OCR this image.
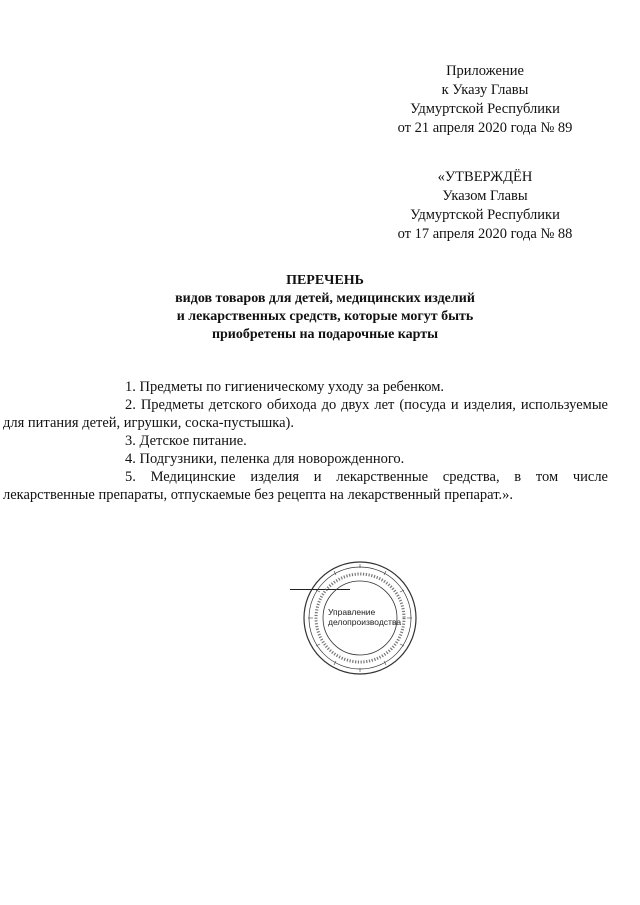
Приложение
к Указу Главы
Удмуртской Республики
от 21 апреля 2020 года № 89
«УТВЕРЖДЁН
Указом Главы
Удмуртской Республики
от 17 апреля 2020 года № 88
ПЕРЕЧЕНЬ
видов товаров для детей, медицинских изделий
и лекарственных средств, которые могут быть
приобретены на подарочные карты
1. Предметы по гигиеническому уходу за ребенком.
2. Предметы детского обихода до двух лет (посуда и изделия, используемые для питания детей, игрушки, соска-пустышка).
3. Детское питание.
4. Подгузники, пеленка для новорожденного.
5. Медицинские изделия и лекарственные средства, в том числе лекарственные препараты, отпускаемые без рецепта на лекарственный препарат.».
Управление
делопроизводства
